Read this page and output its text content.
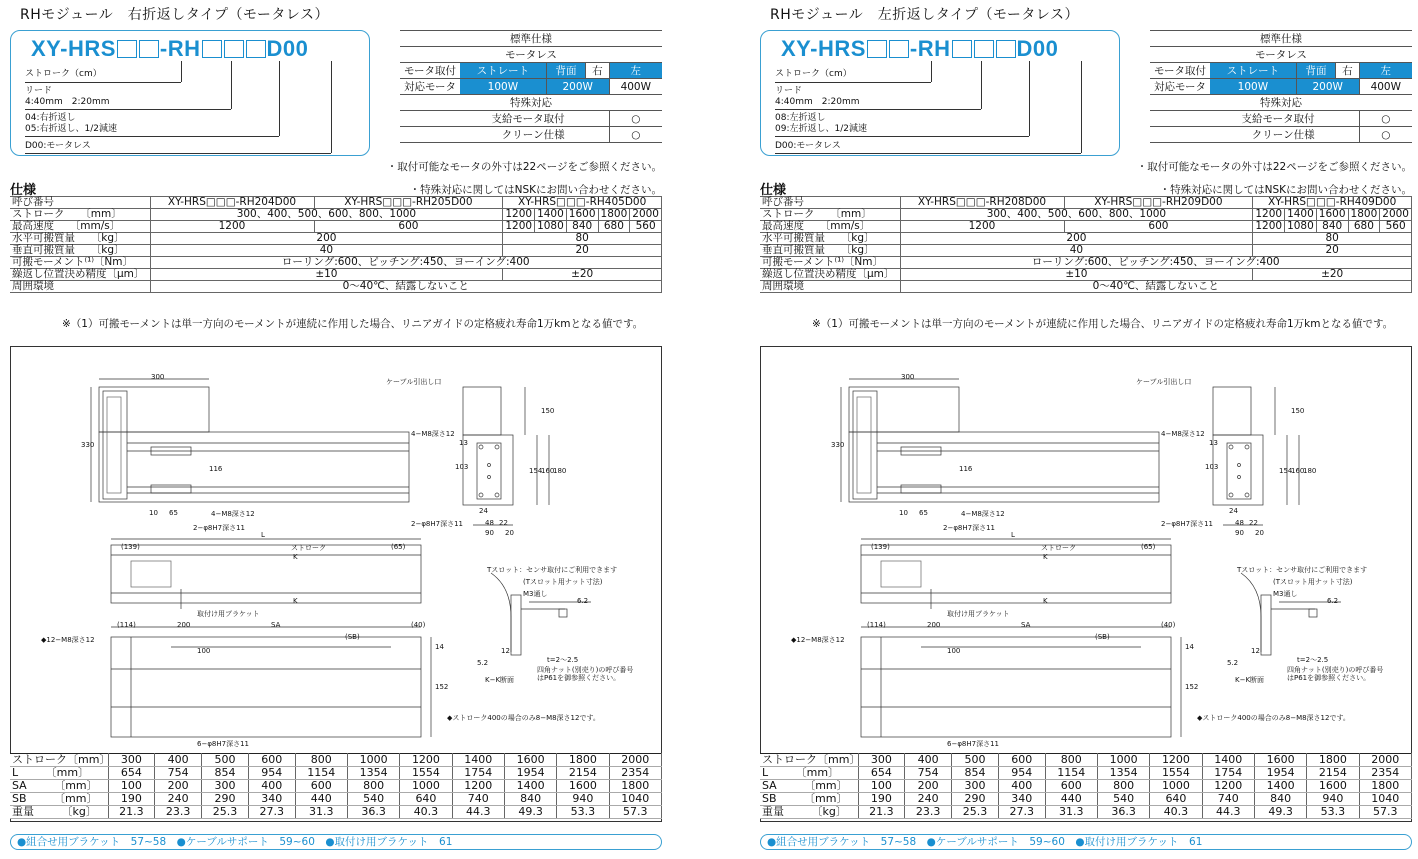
RHモジュール　右折返しタイプ（モータレス）
XY-HRS -RH	D00
ストローク（cm）
リード
4:40mm　2:20mm
04:右折返し
05:右折返し、1/2減速
D00:モータレス
標準仕様				
モータレス				
モータ取付	ストレート	背面	右	左
対応モータ	100W	200W		400W
特殊対応				
支給モータ取付				○
クリーン仕様				○
・取付可能なモータの外寸は22ページをご参照ください。
仕様	・特殊対応に関してはNSKにお問い合わせください。
呼び番号	XY-HRS□□□-RH204D00	XY-HRS□□□-RH205D00	XY-HRS□□□-RH405D00				
ストローク　　〔mm〕	300、400、500、600、800、1000		1200	1400	1600	1800	2000
最高速度　　〔mm/s〕	1200	600	1200	1080	840	680	560
水平可搬質量　　〔kg〕	200		80				
垂直可搬質量　　〔kg〕	40		20				
可搬モーメント⁽¹⁾〔Nm〕	ローリング:600、ピッチング:450、ヨーイング:400						
繰返し位置決め精度〔μm〕	±10		±20				
周囲環境	0～40℃、結露しないこと						
※（1）可搬モーメントは単一方向のモーメントが連続に作用した場合、リニアガイドの定格疲れ寿命1万kmとなる値です。
300
330
116
ケーブル引出し口
4−M8深さ12
2−φ8H7深さ11
4−M8深さ12
2−φ8H7深さ11
10 65
150
103	154
160
180
13
24
48 22
90 20
L
(139)	(65)
ストローク
K
K
取付け用ブラケット
◆12−M8深さ12
(114)	200	SA
(SB)
(40)
100
152
14
6−φ8H7深さ11
Tスロット：センサ取付にご利用できます
(Tスロット用ナット寸法)
M3通し
6.2
5.2
12
t=2～2.5
四角ナット(別売り)の呼び番号
はP61を御参照ください。
K−K断面
◆ストローク400の場合のみ8−M8深さ12です。
ストローク〔mm〕	300	400	500	600	800	1000	1200	1400	1600	1800	2000
L　　　〔mm〕	654	754	854	954	1154	1354	1554	1754	1954	2154	2354
SA　　　〔mm〕	100	200	300	400	600	800	1000	1200	1400	1600	1800
SB　　　〔mm〕	190	240	290	340	440	540	640	740	840	940	1040
重量　　　〔kg〕	21.3	23.3	25.3	27.3	31.3	36.3	40.3	44.3	49.3	53.3	57.3
●組合せ用ブラケット　57~58　●ケーブルサポート　59~60　●取付け用ブラケット　61
RHモジュール　左折返しタイプ（モータレス）
XY-HRS -RH	D00
ストローク（cm）
リード
4:40mm　2:20mm
08:左折返し
09:左折返し、1/2減速
D00:モータレス
標準仕様				
モータレス				
モータ取付	ストレート	背面	右	左
対応モータ	100W	200W		400W
特殊対応				
支給モータ取付				○
クリーン仕様				○
・取付可能なモータの外寸は22ページをご参照ください。
仕様	・特殊対応に関してはNSKにお問い合わせください。
呼び番号	XY-HRS□□□-RH208D00	XY-HRS□□□-RH209D00	XY-HRS□□□-RH409D00				
ストローク　　〔mm〕	300、400、500、600、800、1000		1200	1400	1600	1800	2000
最高速度　　〔mm/s〕	1200	600	1200	1080	840	680	560
水平可搬質量　　〔kg〕	200		80				
垂直可搬質量　　〔kg〕	40		20				
可搬モーメント⁽¹⁾〔Nm〕	ローリング:600、ピッチング:450、ヨーイング:400						
繰返し位置決め精度〔μm〕	±10		±20				
周囲環境	0～40℃、結露しないこと						
※（1）可搬モーメントは単一方向のモーメントが連続に作用した場合、リニアガイドの定格疲れ寿命1万kmとなる値です。
300
330
116
ケーブル引出し口
4−M8深さ12
2−φ8H7深さ11
4−M8深さ12
2−φ8H7深さ11
10 65
150
103	154
160
180
13
24
48 22
90 20
L
(139)	(65)
ストローク
K
K
取付け用ブラケット
◆12−M8深さ12
(114)	200	SA
(SB)
(40)
100
152
14
6−φ8H7深さ11
Tスロット：センサ取付にご利用できます
(Tスロット用ナット寸法)
M3通し
6.2
5.2
12
t=2～2.5
四角ナット(別売り)の呼び番号
はP61を御参照ください。
K−K断面
◆ストローク400の場合のみ8−M8深さ12です。
ストローク〔mm〕	300	400	500	600	800	1000	1200	1400	1600	1800	2000
L　　　〔mm〕	654	754	854	954	1154	1354	1554	1754	1954	2154	2354
SA　　　〔mm〕	100	200	300	400	600	800	1000	1200	1400	1600	1800
SB　　　〔mm〕	190	240	290	340	440	540	640	740	840	940	1040
重量　　　〔kg〕	21.3	23.3	25.3	27.3	31.3	36.3	40.3	44.3	49.3	53.3	57.3
●組合せ用ブラケット　57~58　●ケーブルサポート　59~60　●取付け用ブラケット　61
